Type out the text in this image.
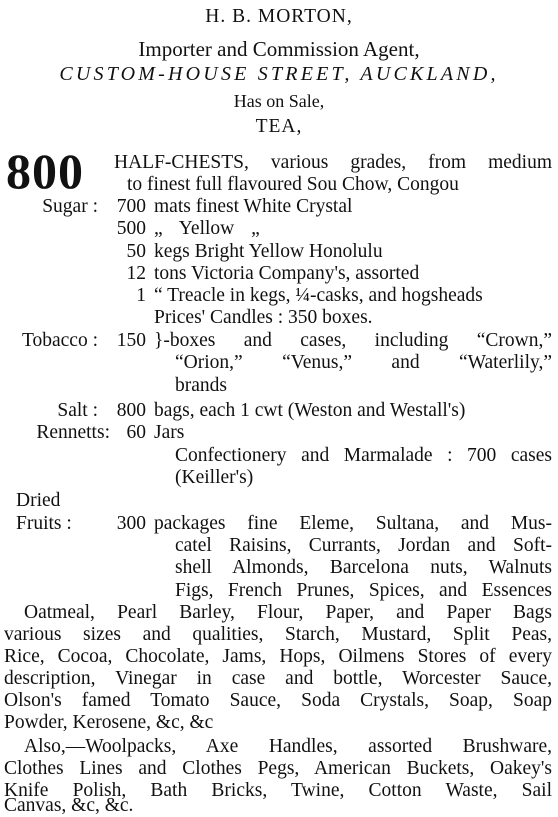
H. B. MORTON,
Importer and Commission Agent,
CUSTOM-HOUSE STREET, AUCKLAND,
Has on Sale,
TEA,
800 HALF-CHESTS, various grades, from medium
to finest full flavoured Sou Chow, Congou
Sugar : 700 mats finest White Crystal
500 „ Yellow „
50 kegs Bright Yellow Honolulu
12 tons Victoria Company's, assorted
1 “ Treacle in kegs, ¼-casks, and hogsheads
Prices' Candles : 350 boxes.
Tobacco : 150 }-boxes and cases, including “Crown,”
“Orion,” “Venus,” and “Waterlily,”
brands
Salt : 800 bags, each 1 cwt (Weston and Westall's)
Rennetts: 60 Jars
Confectionery and Marmalade : 700 cases
(Keiller's)
Dried
Fruits : 300 packages fine Eleme, Sultana, and Mus-
catel Raisins, Currants, Jordan and Soft-
shell Almonds, Barcelona nuts, Walnuts
Figs, French Prunes, Spices, and Essences
Oatmeal, Pearl Barley, Flour, Paper, and Paper Bags
various sizes and qualities, Starch, Mustard, Split Peas,
Rice, Cocoa, Chocolate, Jams, Hops, Oilmens Stores of every
description, Vinegar in case and bottle, Worcester Sauce,
Olson's famed Tomato Sauce, Soda Crystals, Soap, Soap
Powder, Kerosene, &c, &c
Also,—Woolpacks, Axe Handles, assorted Brushware,
Clothes Lines and Clothes Pegs, American Buckets, Oakey's
Knife Polish, Bath Bricks, Twine, Cotton Waste, Sail
Canvas, &c, &c.
